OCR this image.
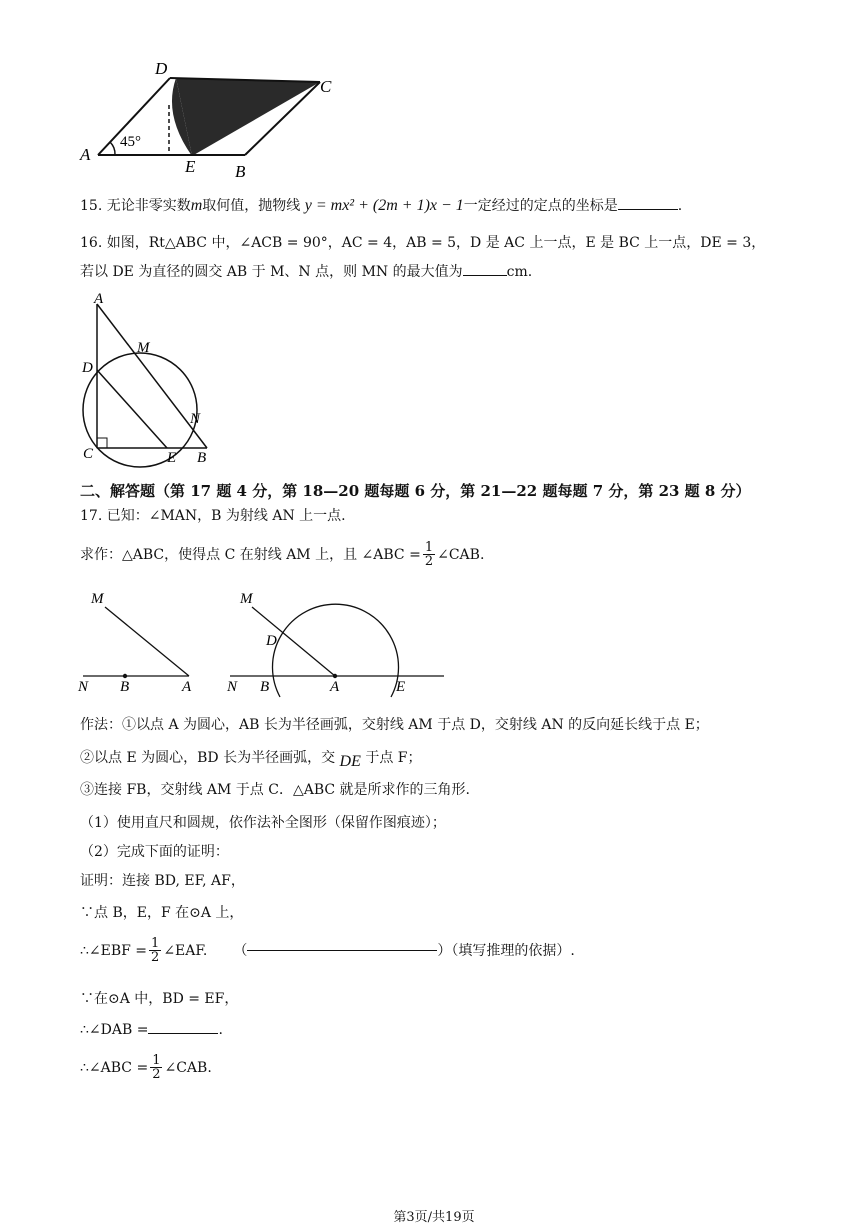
D
C
A
E B
45°
15. 无论非零实数m取何值，抛物线 y = mx² + (2m + 1)x − 1一定经过的定点的坐标是	.
16. 如图，Rt△ABC 中，∠ACB = 90°，AC = 4，AB = 5，D 是 AC 上一点，E 是 BC 上一点，DE = 3，
若以 DE 为直径的圆交 AB 于 M、N 点，则 MN 的最大值为	cm.
A
M
D
N
C	E B
二、解答题（第 17 题 4 分，第 18—20 题每题 6 分，第 21—22 题每题 7 分，第 23 题 8 分）
17. 已知：∠MAN，B 为射线 AN 上一点.
求作：△ABC，使得点 C 在射线 AM 上，且 ∠ABC = $\frac{1}{2}$ ∠CAB.
M
N B	A
M
D
N B	A	E
作法：①以点 A 为圆心，AB 长为半径画弧，交射线 AM 于点 D，交射线 AN 的反向延长线于点 E；
②以点 E 为圆心，BD 长为半径画弧，交 DE 于点 F；
③连接 FB，交射线 AM 于点 C．△ABC 就是所求作的三角形.
（1）使用直尺和圆规，依作法补全图形（保留作图痕迹）；
（2）完成下面的证明：
证明：连接 BD, EF, AF，
∵点 B，E，F 在⊙A 上，
∴∠EBF = $\frac{1}{2}$ ∠EAF. （	）（填写推理的依据）.
∵在⊙A 中，BD = EF，
∴∠DAB =	.
∴∠ABC = $\frac{1}{2}$ ∠CAB.
第3页/共19页
